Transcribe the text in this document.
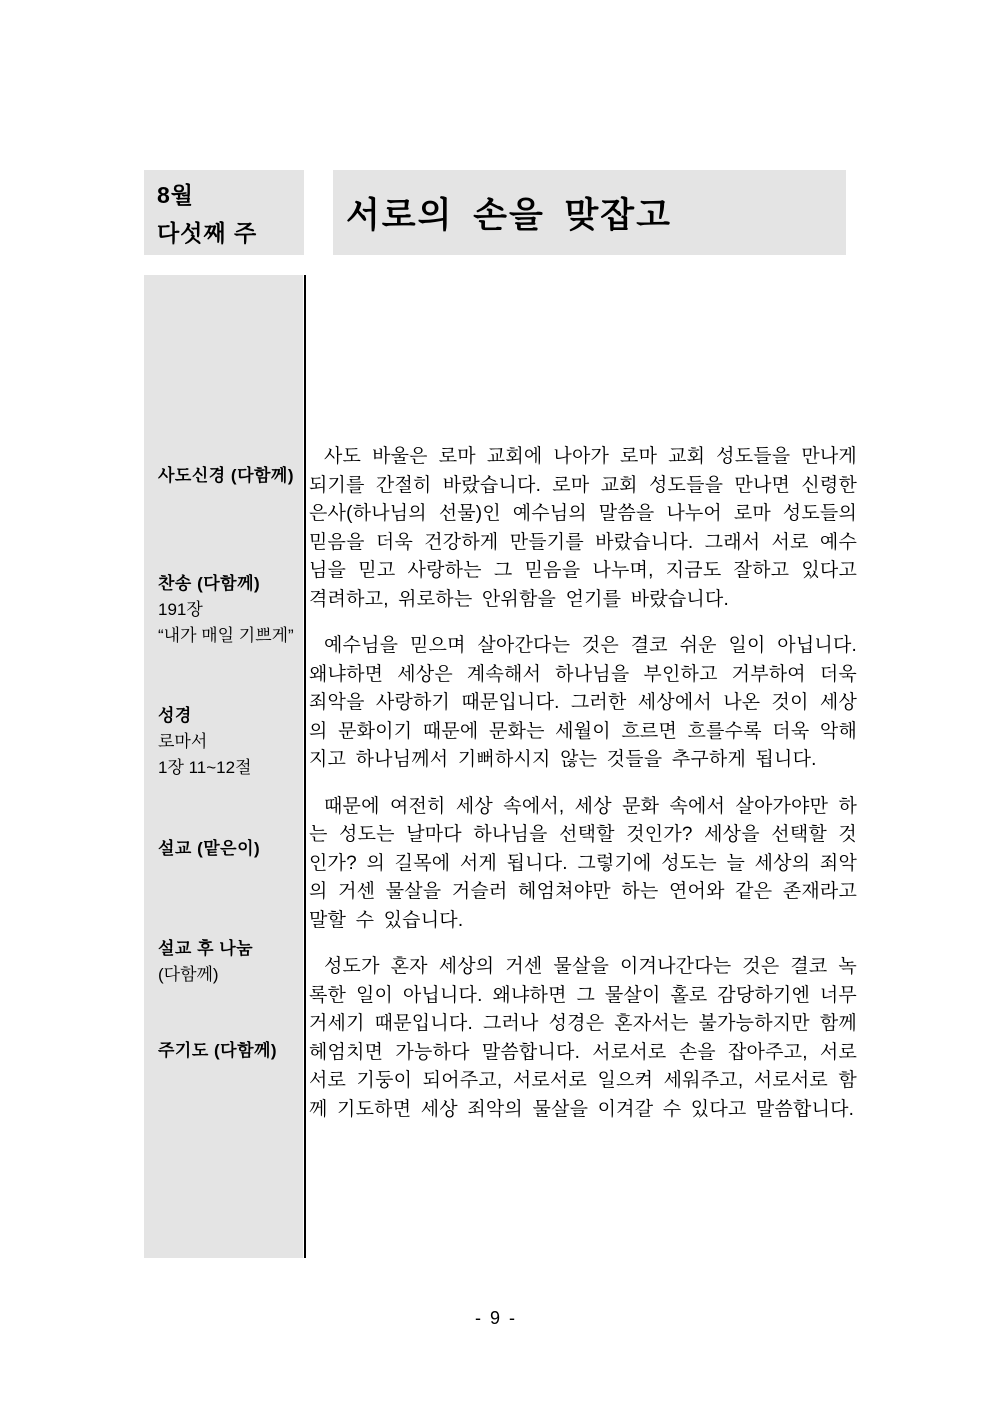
8월
다섯째 주	서로의 손을 맞잡고
사도신경 (다함께)
찬송 (다함께)
191장
“내가 매일 기쁘게”
성경
로마서
1장 11~12절
설교 (맡은이)
설교 후 나눔
(다함께)
주기도 (다함께)

사도 바울은 로마 교회에 나아가 로마 교회 성도들을 만나게 되기를 간절히 바랐습니다. 로마 교회 성도들을 만나면 신령한 은사(하나님의 선물)인 예수님의 말씀을 나누어 로마 성도들의 믿음을 더욱 건강하게 만들기를 바랐습니다. 그래서 서로 예수님을 믿고 사랑하는 그 믿음을 나누며, 지금도 잘하고 있다고 격려하고, 위로하는 안위함을 얻기를 바랐습니다.

예수님을 믿으며 살아간다는 것은 결코 쉬운 일이 아닙니다. 왜냐하면 세상은 계속해서 하나님을 부인하고 거부하여 더욱 죄악을 사랑하기 때문입니다. 그러한 세상에서 나온 것이 세상의 문화이기 때문에 문화는 세월이 흐르면 흐를수록 더욱 악해지고 하나님께서 기뻐하시지 않는 것들을 추구하게 됩니다.

때문에 여전히 세상 속에서, 세상 문화 속에서 살아가야만 하는 성도는 날마다 하나님을 선택할 것인가? 세상을 선택할 것인가? 의 길목에 서게 됩니다. 그렇기에 성도는 늘 세상의 죄악의 거센 물살을 거슬러 헤엄쳐야만 하는 연어와 같은 존재라고 말할 수 있습니다.

성도가 혼자 세상의 거센 물살을 이겨나간다는 것은 결코 녹록한 일이 아닙니다. 왜냐하면 그 물살이 홀로 감당하기엔 너무 거세기 때문입니다. 그러나 성경은 혼자서는 불가능하지만 함께 헤엄치면 가능하다 말씀합니다. 서로서로 손을 잡아주고, 서로서로 기둥이 되어주고, 서로서로 일으켜 세워주고, 서로서로 함께 기도하면 세상 죄악의 물살을 이겨갈 수 있다고 말씀합니다.

- 9 -
